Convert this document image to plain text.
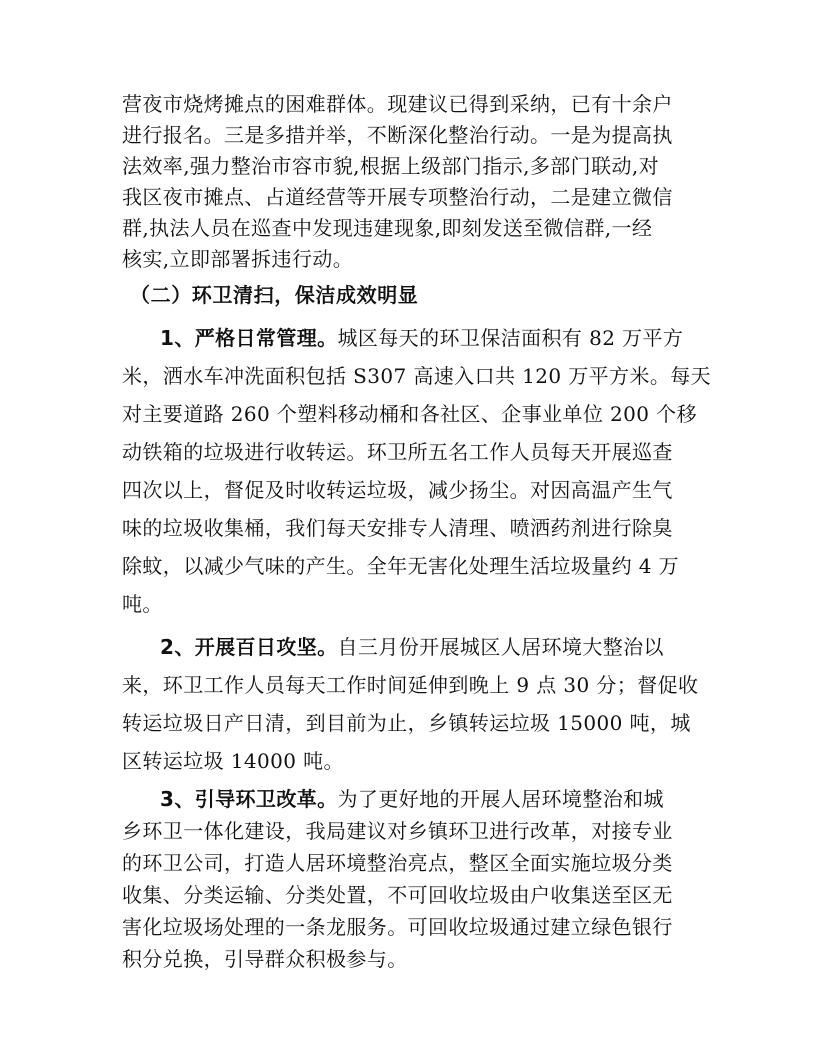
营夜市烧烤摊点的困难群体。现建议已得到采纳，已有十余户
进行报名。三是多措并举，不断深化整治行动。一是为提高执
法效率,强力整治市容市貌,根据上级部门指示,多部门联动,对
我区夜市摊点、占道经营等开展专项整治行动，二是建立微信
群,执法人员在巡查中发现违建现象,即刻发送至微信群,一经
核实,立即部署拆违行动。
（二）环卫清扫，保洁成效明显
1、严格日常管理。城区每天的环卫保洁面积有 82 万平方
米，洒水车冲洗面积包括 S307 高速入口共 120 万平方米。每天
对主要道路 260 个塑料移动桶和各社区、企事业单位 200 个移
动铁箱的垃圾进行收转运。环卫所五名工作人员每天开展巡查
四次以上，督促及时收转运垃圾，减少扬尘。对因高温产生气
味的垃圾收集桶，我们每天安排专人清理、喷洒药剂进行除臭
除蚊，以减少气味的产生。全年无害化处理生活垃圾量约 4 万
吨。
2、开展百日攻坚。自三月份开展城区人居环境大整治以
来，环卫工作人员每天工作时间延伸到晚上 9 点 30 分；督促收
转运垃圾日产日清，到目前为止，乡镇转运垃圾 15000 吨，城
区转运垃圾 14000 吨。
3、引导环卫改革。为了更好地的开展人居环境整治和城
乡环卫一体化建设，我局建议对乡镇环卫进行改革，对接专业
的环卫公司，打造人居环境整治亮点，整区全面实施垃圾分类
收集、分类运输、分类处置，不可回收垃圾由户收集送至区无
害化垃圾场处理的一条龙服务。可回收垃圾通过建立绿色银行
积分兑换，引导群众积极参与。
